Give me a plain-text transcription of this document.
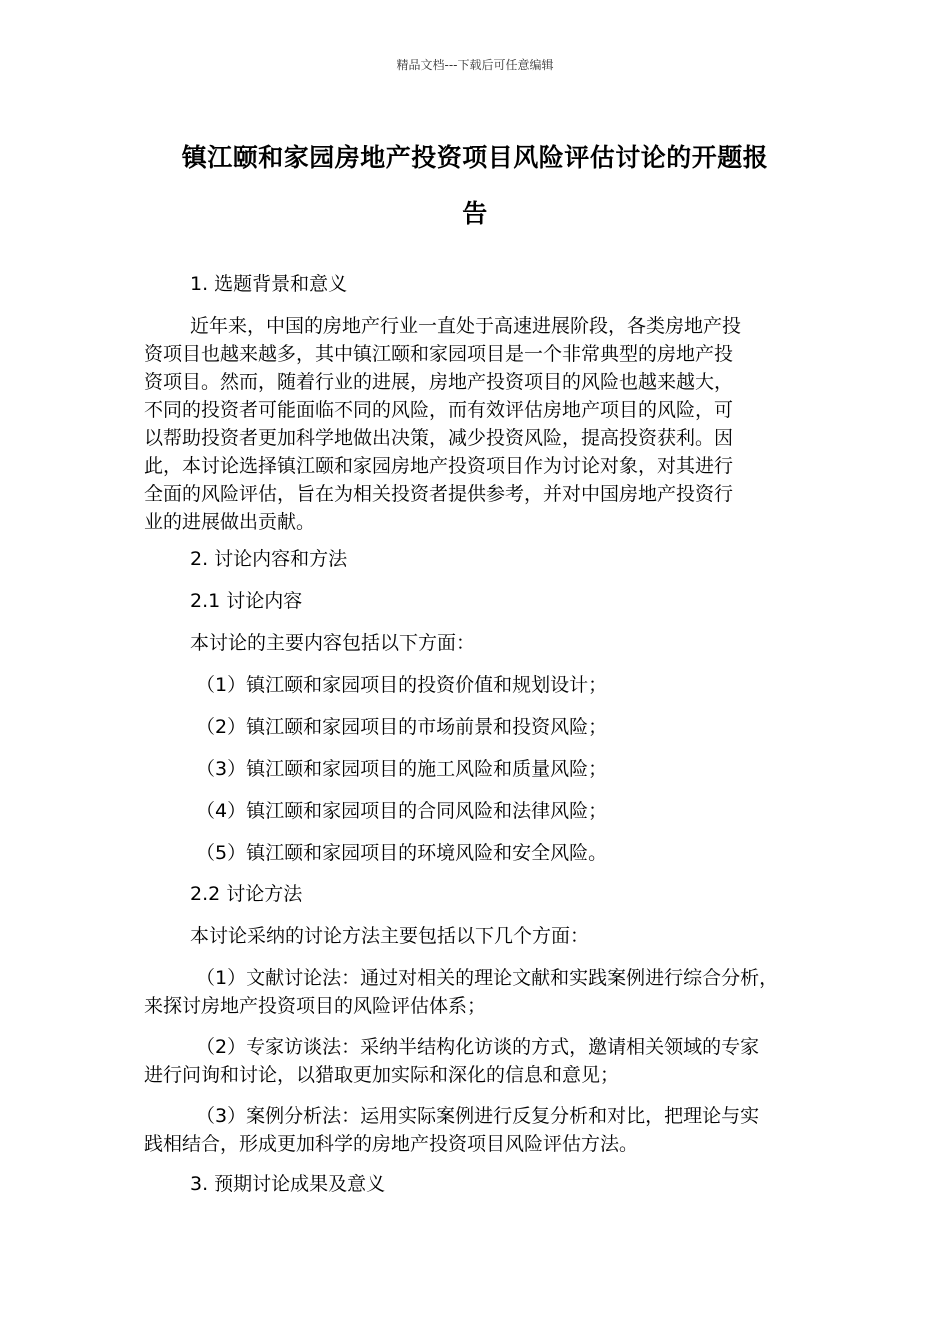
精品文档---下载后可任意编辑
镇江颐和家园房地产投资项目风险评估讨论的开题报
告

1. 选题背景和意义

近年来，中国的房地产行业一直处于高速进展阶段，各类房地产投
资项目也越来越多，其中镇江颐和家园项目是一个非常典型的房地产投
资项目。然而，随着行业的进展，房地产投资项目的风险也越来越大，
不同的投资者可能面临不同的风险，而有效评估房地产项目的风险，可
以帮助投资者更加科学地做出决策，减少投资风险，提高投资获利。因
此，本讨论选择镇江颐和家园房地产投资项目作为讨论对象，对其进行
全面的风险评估，旨在为相关投资者提供参考，并对中国房地产投资行
业的进展做出贡献。

2. 讨论内容和方法

2.1 讨论内容

本讨论的主要内容包括以下方面：

（1）镇江颐和家园项目的投资价值和规划设计；

（2）镇江颐和家园项目的市场前景和投资风险；

（3）镇江颐和家园项目的施工风险和质量风险；

（4）镇江颐和家园项目的合同风险和法律风险；

（5）镇江颐和家园项目的环境风险和安全风险。

2.2 讨论方法

本讨论采纳的讨论方法主要包括以下几个方面：

（1）文献讨论法：通过对相关的理论文献和实践案例进行综合分析，
来探讨房地产投资项目的风险评估体系；
（2）专家访谈法：采纳半结构化访谈的方式，邀请相关领域的专家
进行问询和讨论，以猎取更加实际和深化的信息和意见；
（3）案例分析法：运用实际案例进行反复分析和对比，把理论与实
践相结合，形成更加科学的房地产投资项目风险评估方法。

3. 预期讨论成果及意义
